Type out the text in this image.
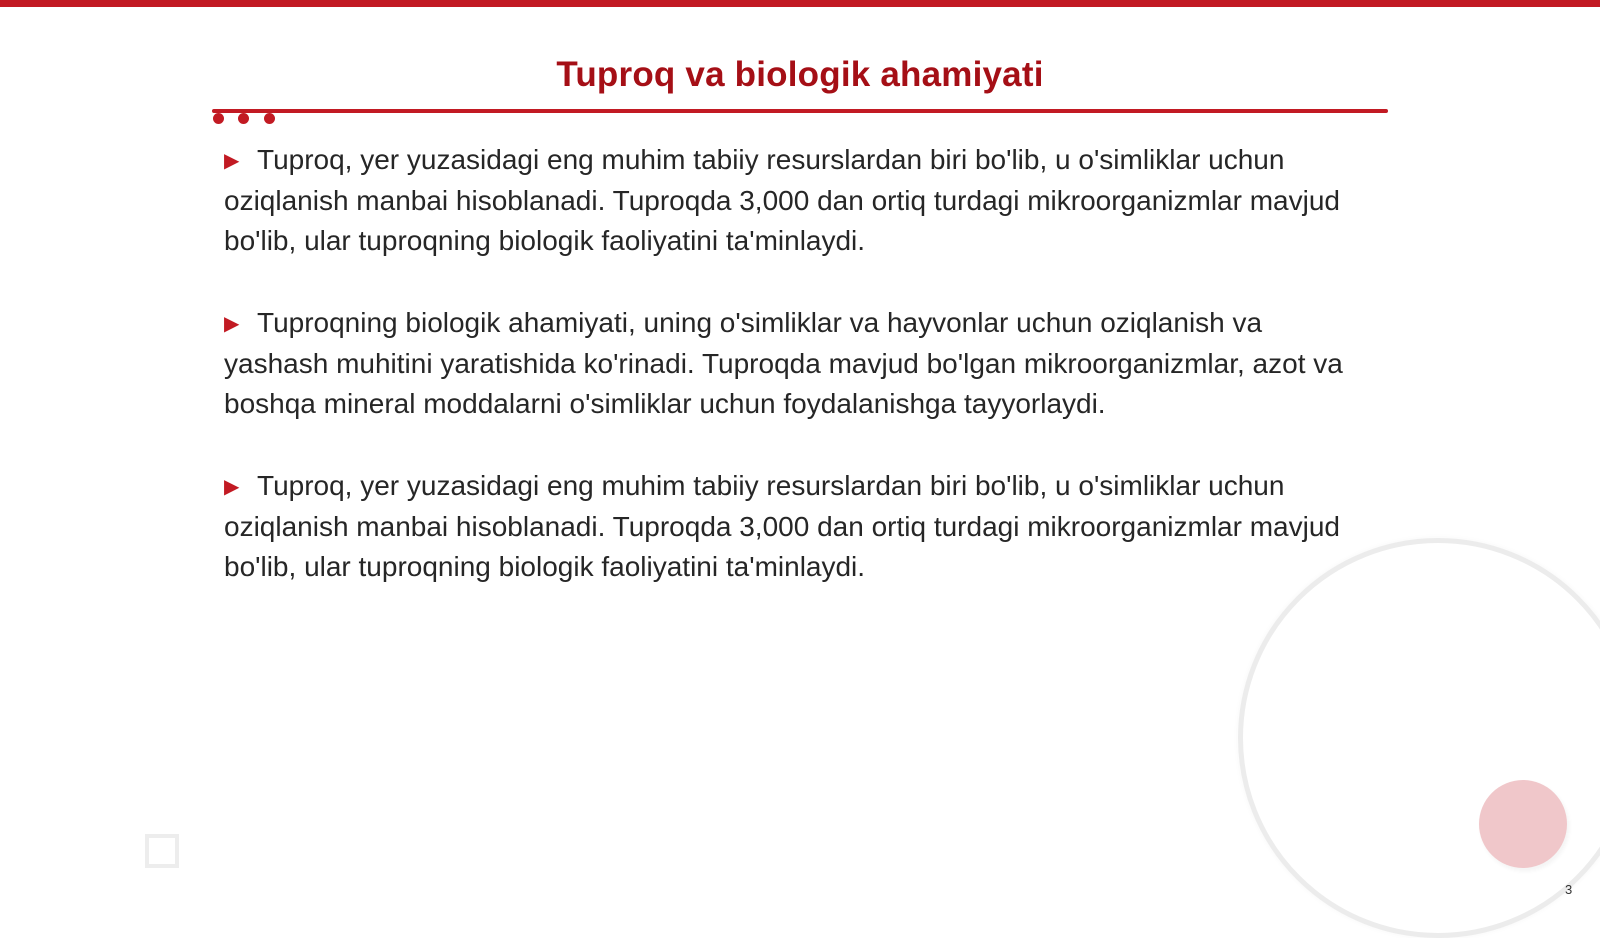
Tuproq va biologik ahamiyati
▶ Tuproq, yer yuzasidagi eng muhim tabiiy resurslardan biri bo'lib, u o'simliklar uchun oziqlanish manbai hisoblanadi. Tuproqda 3,000 dan ortiq turdagi mikroorganizmlar mavjud bo'lib, ular tuproqning biologik faoliyatini ta'minlaydi.
▶ Tuproqning biologik ahamiyati, uning o'simliklar va hayvonlar uchun oziqlanish va yashash muhitini yaratishida ko'rinadi. Tuproqda mavjud bo'lgan mikroorganizmlar, azot va boshqa mineral moddalarni o'simliklar uchun foydalanishga tayyorlaydi.
▶ Tuproq, yer yuzasidagi eng muhim tabiiy resurslardan biri bo'lib, u o'simliklar uchun oziqlanish manbai hisoblanadi. Tuproqda 3,000 dan ortiq turdagi mikroorganizmlar mavjud bo'lib, ular tuproqning biologik faoliyatini ta'minlaydi.
3
